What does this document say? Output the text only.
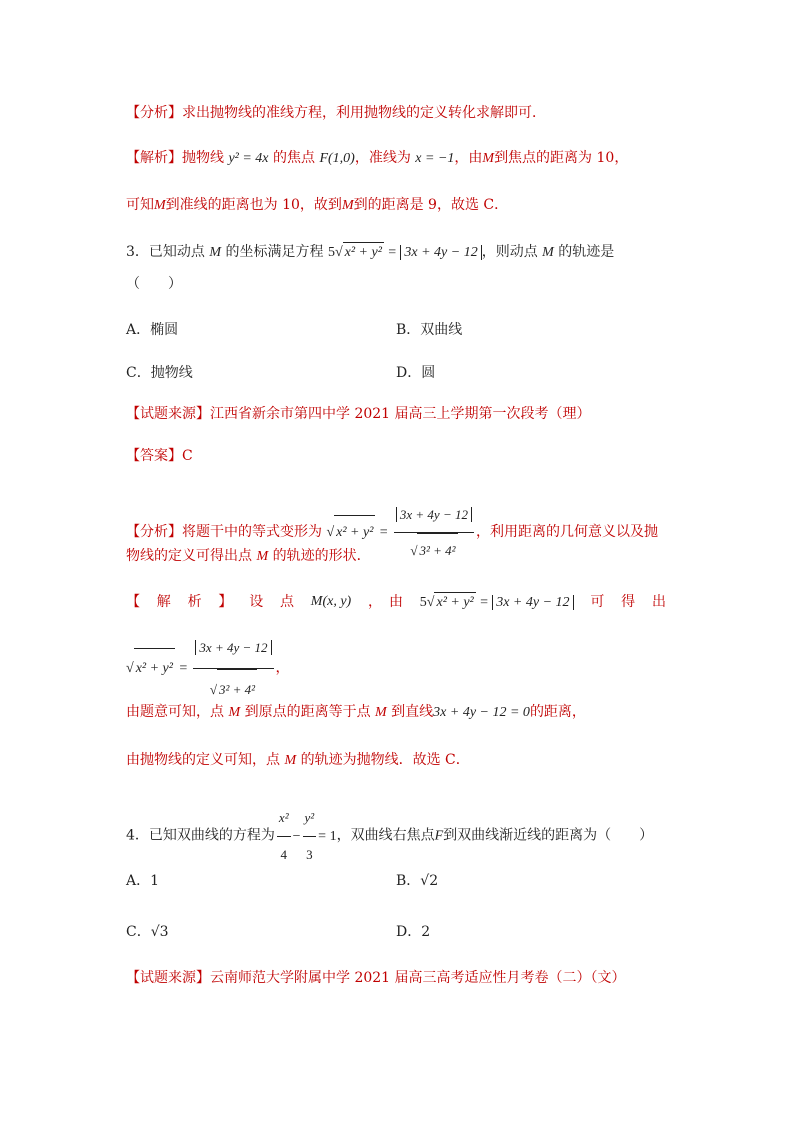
【分析】求出抛物线的准线方程，利用抛物线的定义转化求解即可．
【解析】抛物线 y² = 4x 的焦点 F(1,0)，准线为 x = −1，由M到焦点的距离为 10，
可知M到准线的距离也为 10，故到M到的距离是 9，故选 C．
3．已知动点 M 的坐标满足方程 5√ x² + y² = 3x + 4y − 12 ，则动点 M 的轨迹是
（　　）
A．椭圆	B．双曲线
C．抛物线	D．圆
【试题来源】江西省新余市第四中学 2021 届高三上学期第一次段考（理）
【答案】C
【分析】将题干中的等式变形为 √ $x^2 + y^2 = \frac{3x + 4y - 12}{\text{√ 3² + 4²}}$ ，利用距离的几何意义以及抛
物线的定义可得出点 M 的轨迹的形状．
【 解 析 】 设 点 M(x, y) ，　由 5√ x² + y² = 3x + 4y − 12 可 得 出
√ $x^2 + y^2 = \frac{3x + 4y - 12}{\text{√ 3² + 4²}}$ ，
由题意可知，点 M 到原点的距离等于点 M 到直线3x + 4y − 12 = 0的距离，
由抛物线的定义可知，点 M 的轨迹为抛物线．故选 C．
4．已知双曲线的方程为 $\frac{\text{x²}}{4} - \frac{\text{y²}}{3} = 1$，双曲线右焦点F到双曲线渐近线的距离为（　　）
A．1	B．√2
C．√3	D．2
【试题来源】云南师范大学附属中学 2021 届高三高考适应性月考卷（二）（文）
